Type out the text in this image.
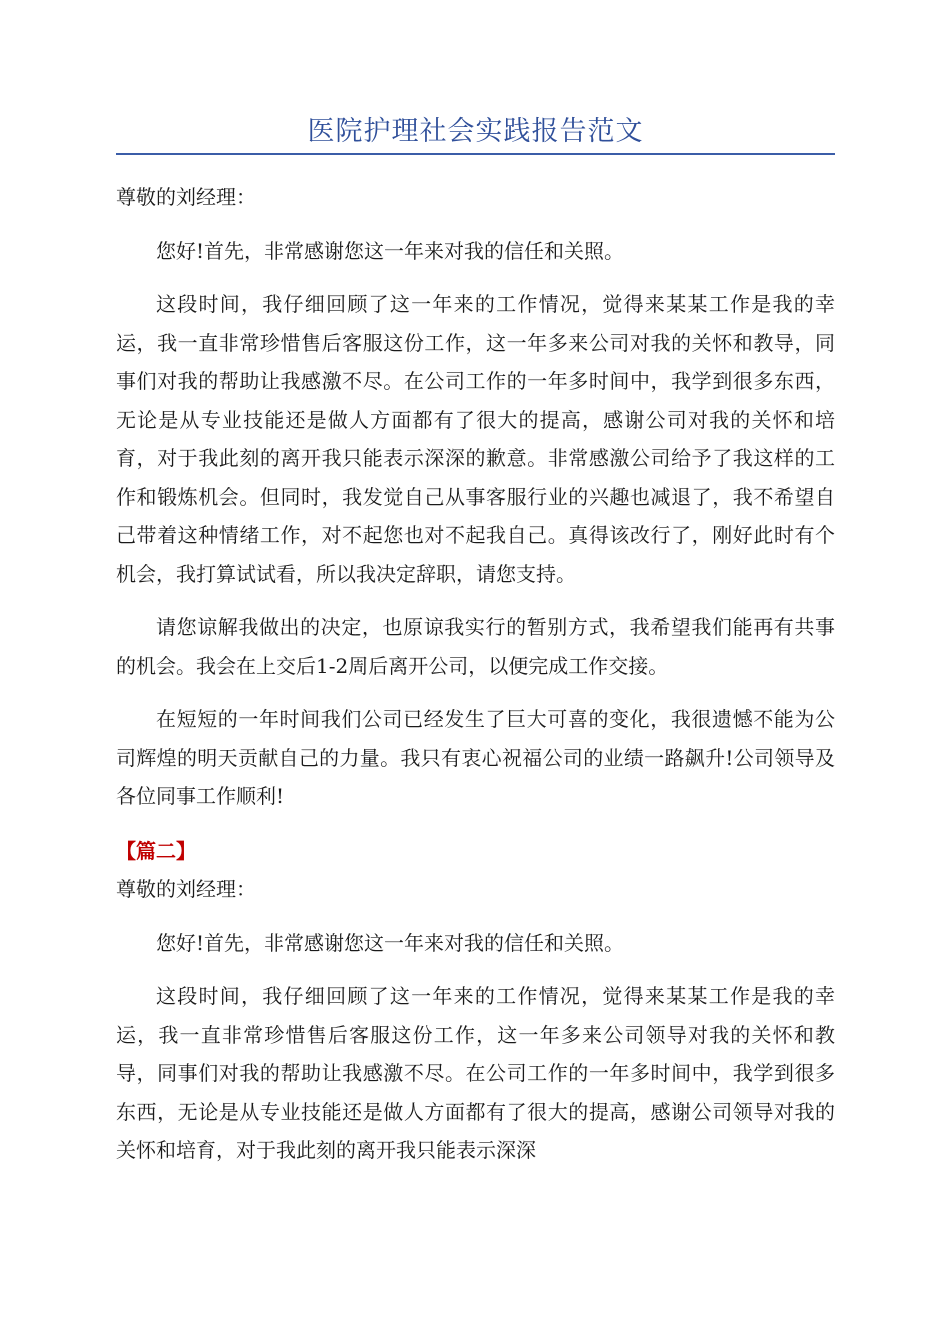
医院护理社会实践报告范文

尊敬的刘经理：

您好!首先，非常感谢您这一年来对我的信任和关照。

这段时间，我仔细回顾了这一年来的工作情况，觉得来某某工作是我的幸运，我一直非常珍惜售后客服这份工作，这一年多来公司对我的关怀和教导，同事们对我的帮助让我感激不尽。在公司工作的一年多时间中，我学到很多东西，无论是从专业技能还是做人方面都有了很大的提高，感谢公司对我的关怀和培育，对于我此刻的离开我只能表示深深的歉意。非常感激公司给予了我这样的工作和锻炼机会。但同时，我发觉自己从事客服行业的兴趣也减退了，我不希望自己带着这种情绪工作，对不起您也对不起我自己。真得该改行了，刚好此时有个机会，我打算试试看，所以我决定辞职，请您支持。

请您谅解我做出的决定，也原谅我实行的暂别方式，我希望我们能再有共事的机会。我会在上交后1-2周后离开公司，以便完成工作交接。

在短短的一年时间我们公司已经发生了巨大可喜的变化，我很遗憾不能为公司辉煌的明天贡献自己的力量。我只有衷心祝福公司的业绩一路飙升!公司领导及各位同事工作顺利!

【篇二】

尊敬的刘经理：

您好!首先，非常感谢您这一年来对我的信任和关照。

这段时间，我仔细回顾了这一年来的工作情况，觉得来某某工作是我的幸运，我一直非常珍惜售后客服这份工作，这一年多来公司领导对我的关怀和教导，同事们对我的帮助让我感激不尽。在公司工作的一年多时间中，我学到很多东西，无论是从专业技能还是做人方面都有了很大的提高，感谢公司领导对我的关怀和培育，对于我此刻的离开我只能表示深深
